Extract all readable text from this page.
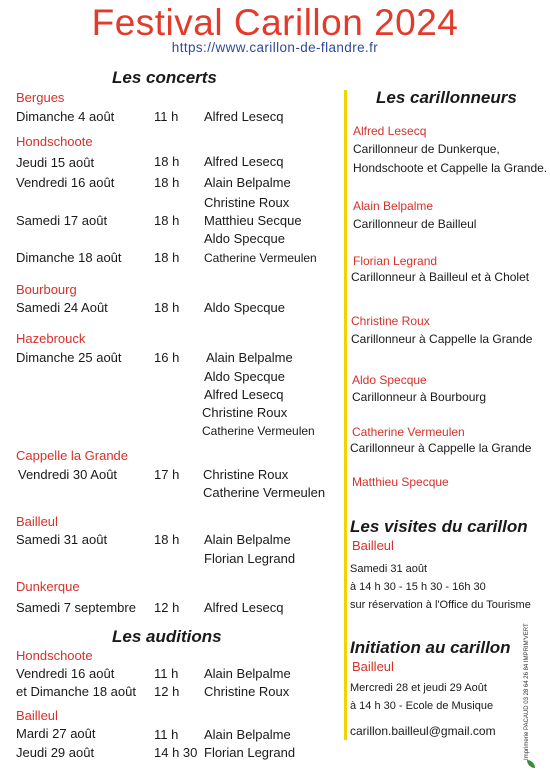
Festival Carillon 2024
https://www.carillon-de-flandre.fr
Les concerts
Bergues
Dimanche 4 août	11 h Alfred Lesecq
Hondschoote
Jeudi 15 août	18 h Alfred Lesecq
Vendredi 16 août	18 h Alain Belpalme
Christine Roux
Samedi 17 août	18 h Matthieu Secque
Aldo Specque
Dimanche 18 août 18 h Catherine Vermeulen
Bourbourg
Samedi 24 Août	18 h Aldo Specque
Hazebrouck
Dimanche 25 août 16 h Alain Belpalme
Aldo Specque
Alfred Lesecq
Christine Roux
Catherine Vermeulen
Cappelle la Grande
Vendredi 30 Août	17 h Christine Roux
Catherine Vermeulen
Bailleul
Samedi 31 août	18 h Alain Belpalme
Florian Legrand
Dunkerque
Samedi 7 septembre 12 h Alfred Lesecq
Les auditions
Hondschoote
Vendredi 16 août	11 h Alain Belpalme
et Dimanche 18 août 12 h Christine Roux
Bailleul
Mardi 27 août	11 h Alain Belpalme
Jeudi 29 août	14 h 30 Florian Legrand
Les carillonneurs
Alfred Lesecq
Carillonneur de Dunkerque,
Hondschoote et Cappelle la Grande.
Alain Belpalme
Carillonneur de Bailleul
Florian Legrand
Carillonneur à Bailleul et à Cholet
Christine Roux
Carillonneur à Cappelle la Grande
Aldo Specque
Carillonneur à Bourbourg
Catherine Vermeulen
Carillonneur à Cappelle la Grande
Matthieu Specque
Les visites du carillon
Bailleul
Samedi 31 août
à 14 h 30 - 15 h 30 - 16h 30
sur réservation à l'Office du Tourisme
Initiation au carillon
Bailleul
Mercredi 28 et jeudi 29 Août
à 14 h 30 - Ecole de Musique
carillon.bailleul@gmail.com	Imprimerie PACAUD 03 28 64 26 84 IMPRIM'VERT
